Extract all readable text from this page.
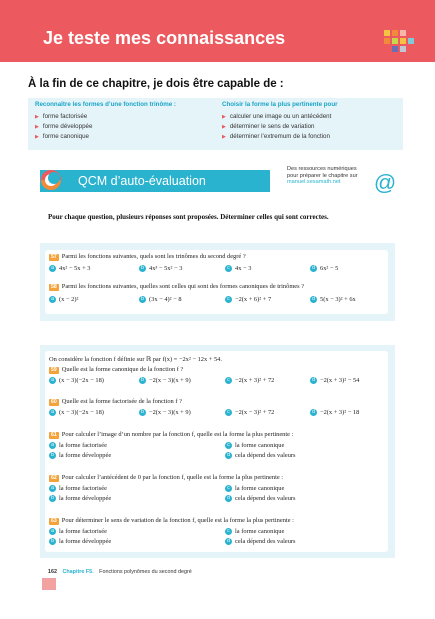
Je teste mes connaissances
À la fin de ce chapitre, je dois être capable de :
Reconnaître les formes d’une fonction trinôme :
▶ forme factorisée
▶ forme développée
▶ forme canonique
Choisir la forme la plus pertinente pour
▶ calculer une image ou un antécédent
▶ déterminer le sens de variation
▶ déterminer l’extremum de la fonction
QCM d’auto-évaluation
Des ressources numériques
pour préparer le chapitre sur
manuel.sesamath.net	@
Pour chaque question, plusieurs réponses sont proposées. Déterminer celles qui sont correctes.
57 Parmi les fonctions suivantes, quels sont les trinômes du second degré ?
a 4x² − 5x + 3	b 4x³ − 5x² − 3	c 4x − 3	d 6x² − 5
58 Parmi les fonctions suivantes, quelles sont celles qui sont des formes canoniques de trinômes ?
a (x − 2)²	b (3x − 4)² − 8	c −2(x + 6)² + 7	d 5(x − 3)² + 6x
On considère la fonction f définie sur ℝ par f(x) = −2x² − 12x + 54.
59 Quelle est la forme canonique de la fonction f ?
a (x − 3)(−2x − 18)	b −2(x − 3)(x + 9)	c −2(x + 3)² + 72	d −2(x + 3)² − 54
60 Quelle est la forme factorisée de la fonction f ?
a (x − 3)(−2x − 18)	b −2(x − 3)(x + 9)	c −2(x − 3)² + 72	d −2(x + 3)² − 18
61 Pour calculer l’image d’un nombre par la fonction f, quelle est la forme la plus pertinente :
a la forme factorisée
b la forme développée
c la forme canonique
d cela dépend des valeurs
62 Pour calculer l’antécédent de 0 par la fonction f, quelle est la forme la plus pertinente :
a la forme factorisée
b la forme développée
c la forme canonique
d cela dépend des valeurs
63 Pour déterminer le sens de variation de la fonction f, quelle est la forme la plus pertinente :
a la forme factorisée
b la forme développée
c la forme canonique
d cela dépend des valeurs
162 Chapitre F5. Fonctions polynômes du second degré
